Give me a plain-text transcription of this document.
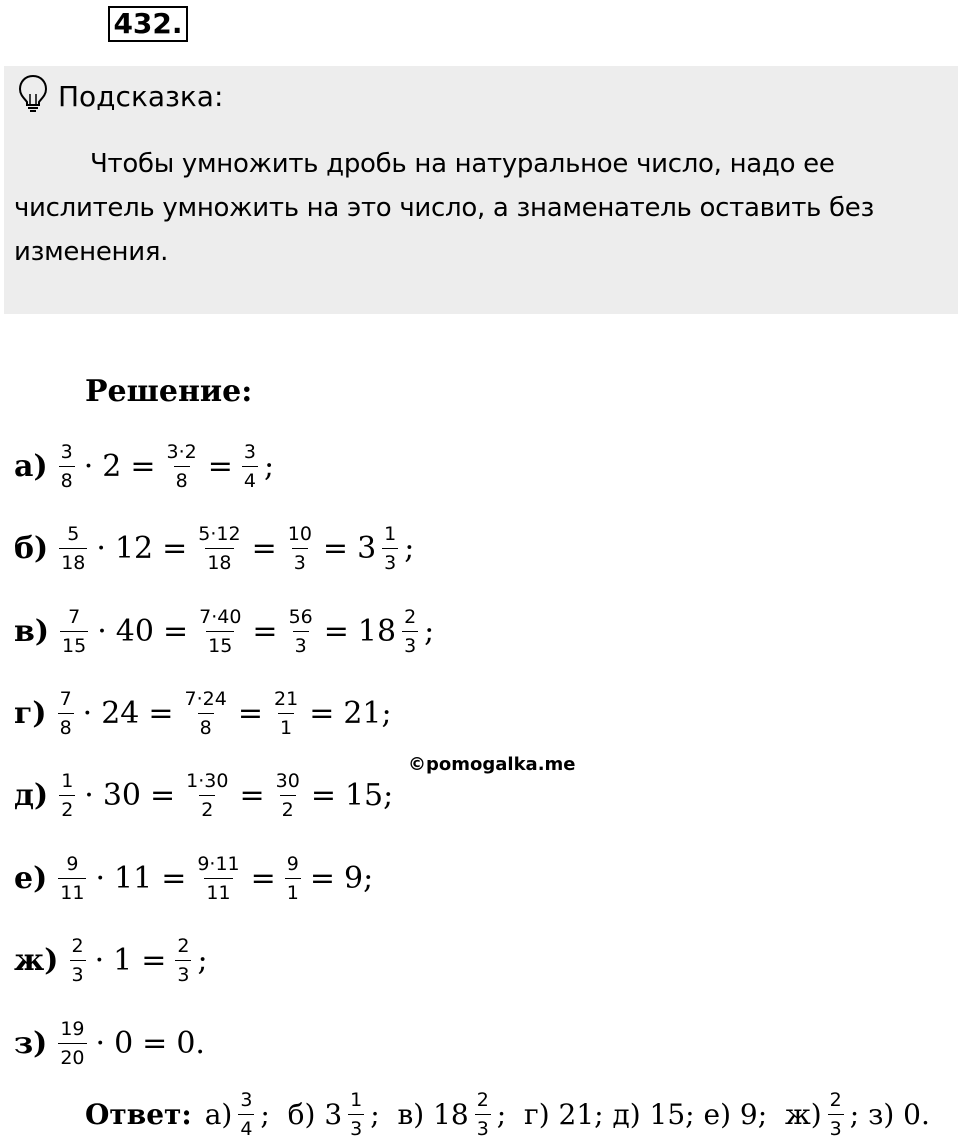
432.
Подсказка:
Чтобы умножить дробь на натуральное число, надо ее числитель умножить на это число, а знаменатель оставить без изменения.
Решение:
$а) \frac{3}{8} \cdot 2 = \frac{3\cdot 2}{8} = \frac{3}{4}$ ;
$б) \frac{5}{18} \cdot 12 = \frac{5\cdot 12}{18} = \frac{10}{3} = 3 \frac{1}{3}$ ;
$в) \frac{7}{15} \cdot 40 = \frac{7\cdot 40}{15} = \frac{56}{3} = 18 \frac{2}{3}$ ;
$г) \frac{7}{8} \cdot 24 = \frac{7\cdot 24}{8} = \frac{21}{1} = 21$;
$д) \frac{1}{2} \cdot 30 = \frac{1\cdot 30}{2} = \frac{30}{2} = 15$;
$е) \frac{9}{11} \cdot 11 = \frac{9\cdot 11}{11} = \frac{9}{1} = 9$;
$ж) \frac{2}{3} \cdot 1 = \frac{2}{3}$ ;
$з) \frac{19}{20} \cdot 0 = 0$.
©pomogalka.me
Ответ: $а) \frac{3}{4}$ ;  б) $3 \frac{1}{3}$ ;  в) $18 \frac{2}{3}$ ;  г) 21; д) 15; е) 9;  $ж) \frac{2}{3}$ ; з) 0.
